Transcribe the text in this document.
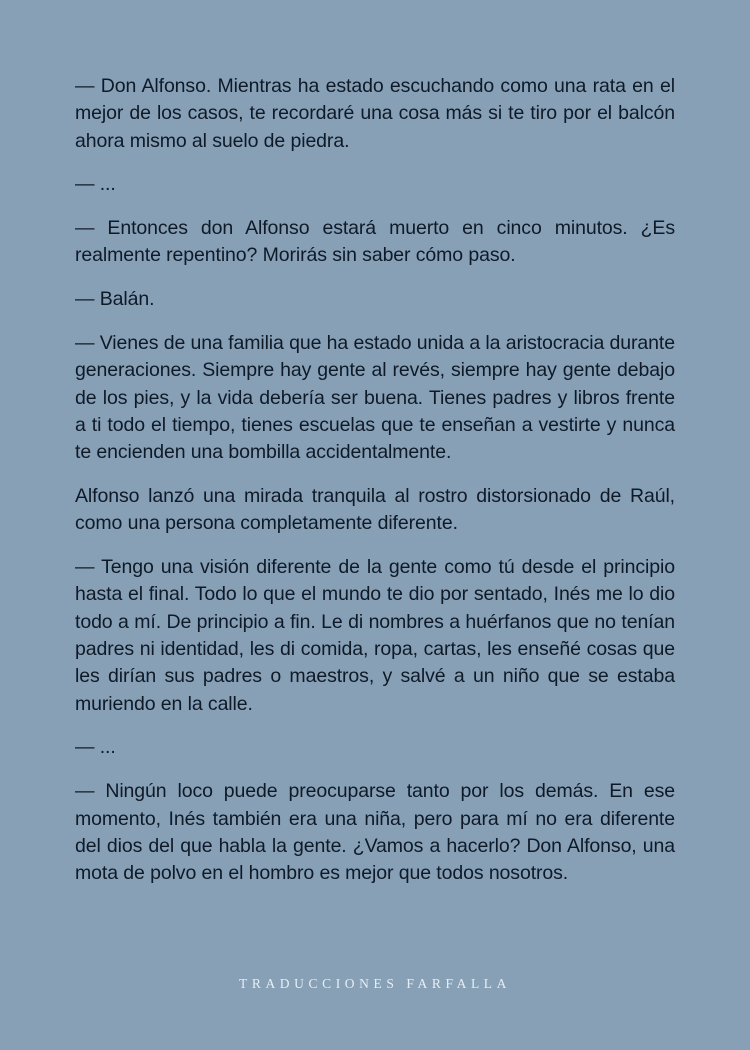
— Don Alfonso. Mientras ha estado escuchando como una rata en el mejor de los casos, te recordaré una cosa más si te tiro por el balcón ahora mismo al suelo de piedra.

— ...

— Entonces don Alfonso estará muerto en cinco minutos. ¿Es realmente repentino? Morirás sin saber cómo paso.

— Balán.

— Vienes de una familia que ha estado unida a la aristocracia durante generaciones. Siempre hay gente al revés, siempre hay gente debajo de los pies, y la vida debería ser buena. Tienes padres y libros frente a ti todo el tiempo, tienes escuelas que te enseñan a vestirte y nunca te encienden una bombilla accidentalmente.

Alfonso lanzó una mirada tranquila al rostro distorsionado de Raúl, como una persona completamente diferente.

— Tengo una visión diferente de la gente como tú desde el principio hasta el final. Todo lo que el mundo te dio por sentado, Inés me lo dio todo a mí. De principio a fin. Le di nombres a huérfanos que no tenían padres ni identidad, les di comida, ropa, cartas, les enseñé cosas que les dirían sus padres o maestros, y salvé a un niño que se estaba muriendo en la calle.

— ...

— Ningún loco puede preocuparse tanto por los demás. En ese momento, Inés también era una niña, pero para mí no era diferente del dios del que habla la gente. ¿Vamos a hacerlo? Don Alfonso, una mota de polvo en el hombro es mejor que todos nosotros.

TRADUCCIONES FARFALLA
